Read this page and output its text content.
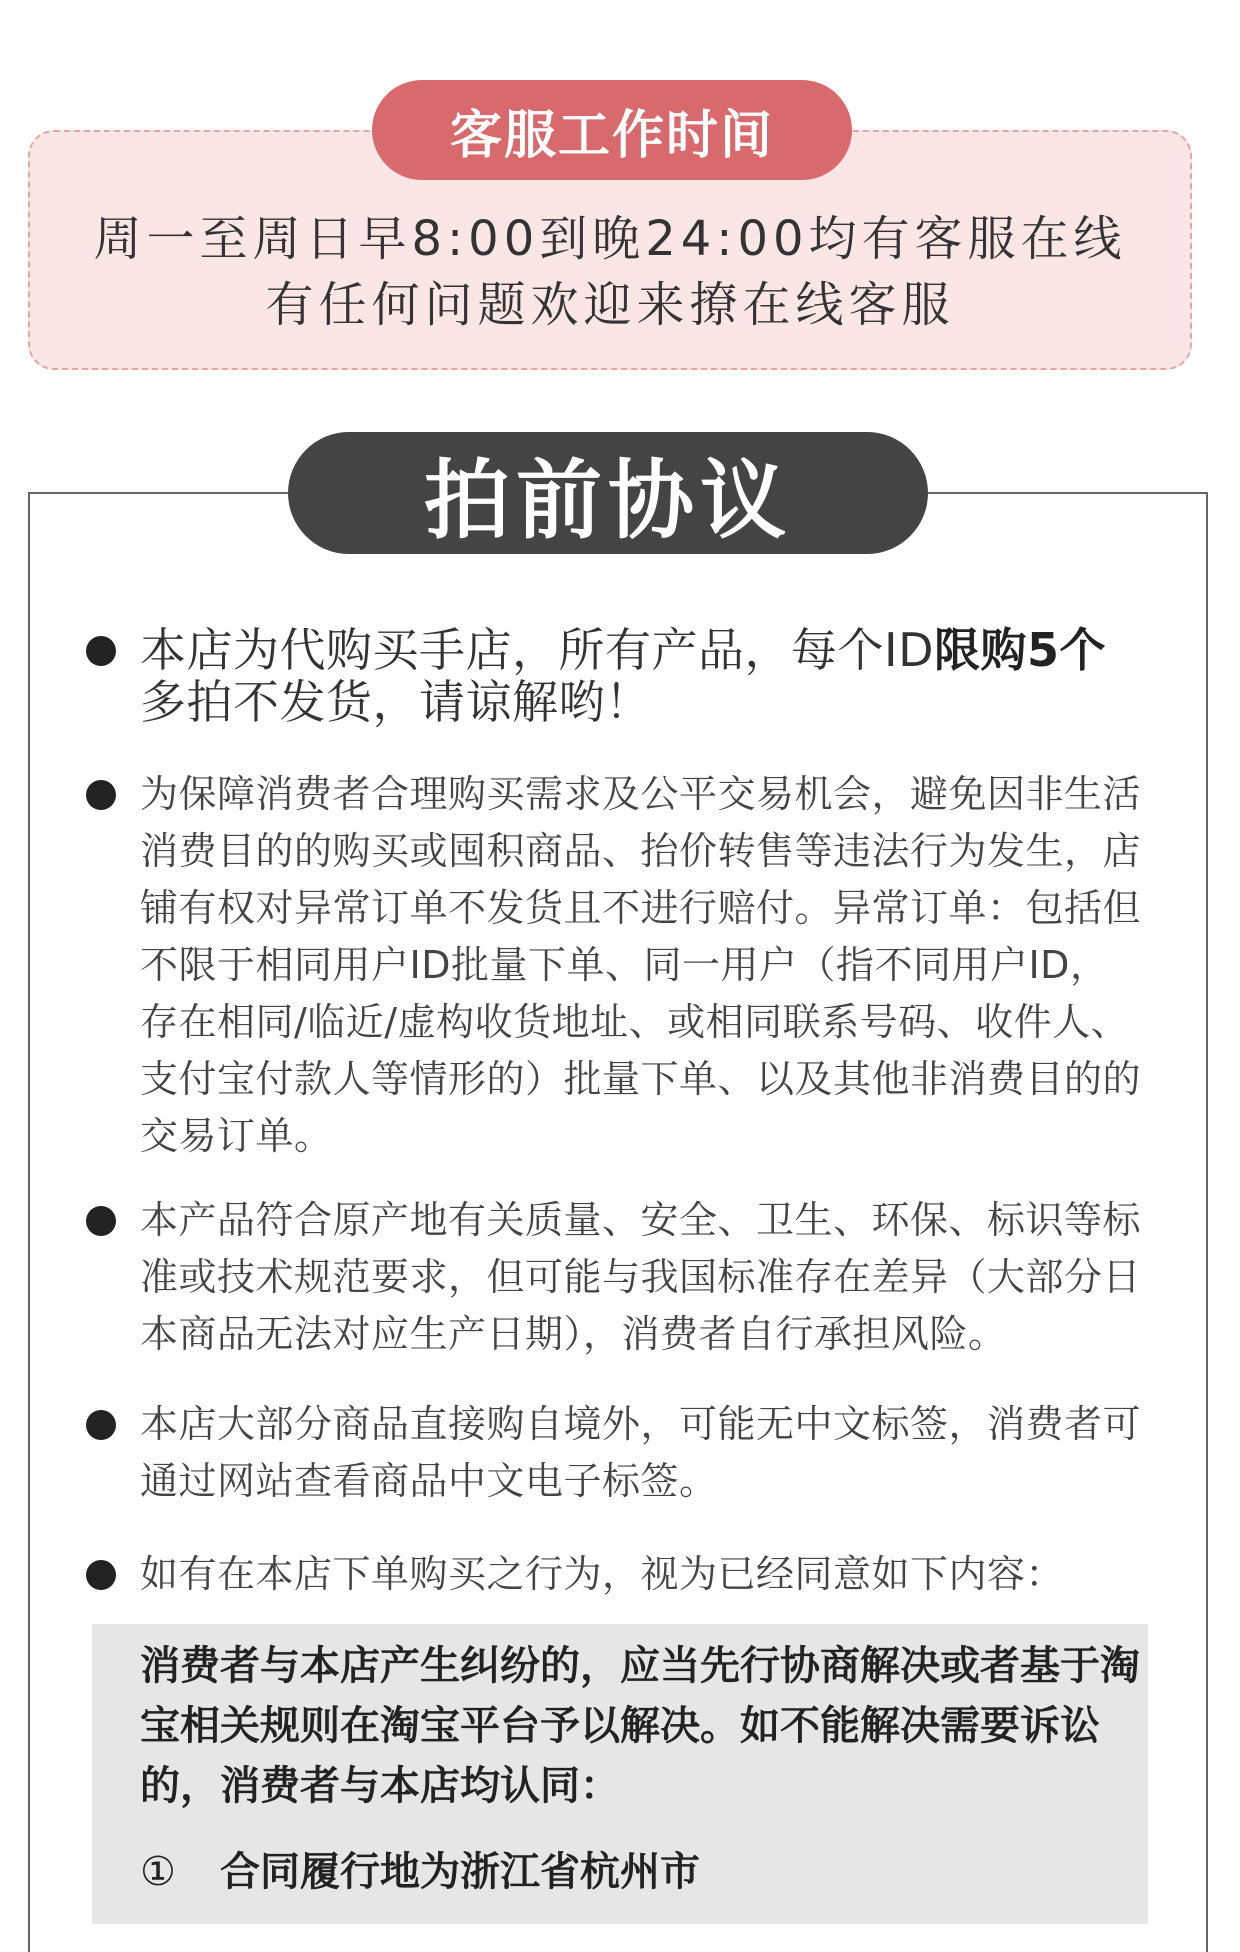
客服工作时间
周一至周日早8:00到晚24:00均有客服在线
有任何问题欢迎来撩在线客服
拍前协议
本店为代购买手店，所有产品，每个ID限购5个
多拍不发货，请谅解哟！
为保障消费者合理购买需求及公平交易机会，避免因非生活消费目的的购买或囤积商品、抬价转售等违法行为发生，店铺有权对异常订单不发货且不进行赔付。异常订单：包括但不限于相同用户ID批量下单、同一用户（指不同用户ID，存在相同/临近/虚构收货地址、或相同联系号码、收件人、支付宝付款人等情形的）批量下单、以及其他非消费目的的交易订单。
本产品符合原产地有关质量、安全、卫生、环保、标识等标准或技术规范要求，但可能与我国标准存在差异（大部分日本商品无法对应生产日期），消费者自行承担风险。
本店大部分商品直接购自境外，可能无中文标签，消费者可通过网站查看商品中文电子标签。
如有在本店下单购买之行为，视为已经同意如下内容：
消费者与本店产生纠纷的，应当先行协商解决或者基于淘宝相关规则在淘宝平台予以解决。如不能解决需要诉讼的，消费者与本店均认同：
① 合同履行地为浙江省杭州市
